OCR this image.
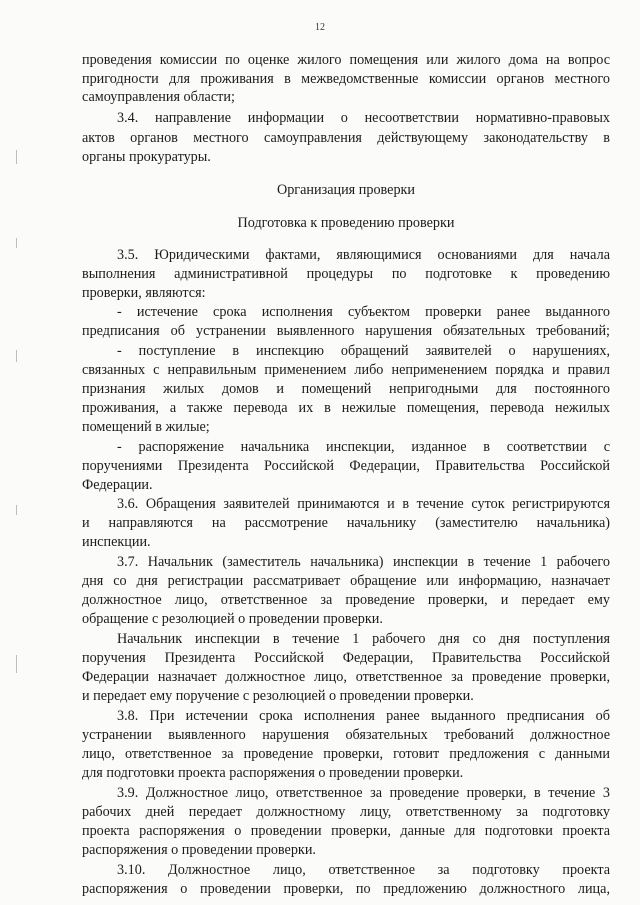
12
проведения комиссии по оценке жилого помещения или жилого дома на вопрос
пригодности для проживания в межведомственные комиссии органов местного
самоуправления области;
3.4. направление информации о несоответствии нормативно-правовых
актов органов местного самоуправления действующему законодательству в
органы прокуратуры.
Организация проверки
Подготовка к проведению проверки
3.5. Юридическими фактами, являющимися основаниями для начала
выполнения административной процедуры по подготовке к проведению
проверки, являются:
- истечение срока исполнения субъектом проверки ранее выданного
предписания об устранении выявленного нарушения обязательных требований;
- поступление в инспекцию обращений заявителей о нарушениях,
связанных с неправильным применением либо неприменением порядка и правил
признания жилых домов и помещений непригодными для постоянного
проживания, а также перевода их в нежилые помещения, перевода нежилых
помещений в жилые;
- распоряжение начальника инспекции, изданное в соответствии с
поручениями Президента Российской Федерации, Правительства Российской
Федерации.
3.6. Обращения заявителей принимаются и в течение суток регистрируются
и направляются на рассмотрение начальнику (заместителю начальника)
инспекции.
3.7. Начальник (заместитель начальника) инспекции в течение 1 рабочего
дня со дня регистрации рассматривает обращение или информацию, назначает
должностное лицо, ответственное за проведение проверки, и передает ему
обращение с резолюцией о проведении проверки.
Начальник инспекции в течение 1 рабочего дня со дня поступления
поручения Президента Российской Федерации, Правительства Российской
Федерации назначает должностное лицо, ответственное за проведение проверки,
и передает ему поручение с резолюцией о проведении проверки.
3.8. При истечении срока исполнения ранее выданного предписания об
устранении выявленного нарушения обязательных требований должностное
лицо, ответственное за проведение проверки, готовит предложения с данными
для подготовки проекта распоряжения о проведении проверки.
3.9. Должностное лицо, ответственное за проведение проверки, в течение 3
рабочих дней передает должностному лицу, ответственному за подготовку
проекта распоряжения о проведении проверки, данные для подготовки проекта
распоряжения о проведении проверки.
3.10. Должностное лицо, ответственное за подготовку проекта
распоряжения о проведении проверки, по предложению должностного лица,
